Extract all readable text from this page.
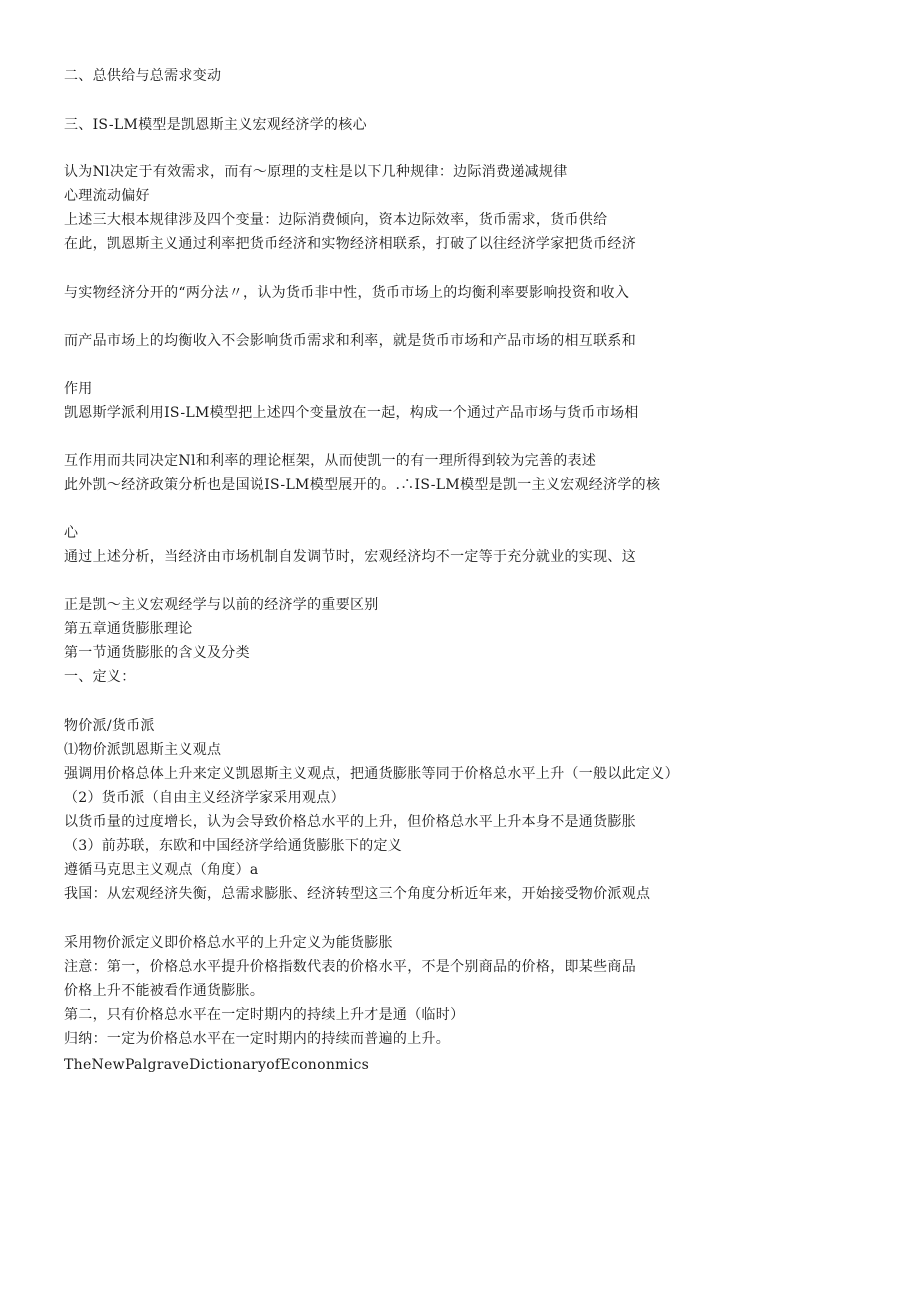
二、总供给与总需求变动
三、IS-LM模型是凯恩斯主义宏观经济学的核心
认为Nl决定于有效需求，而有〜原理的支柱是以下几种规律：边际消费递减规律
心理流动偏好
上述三大根本规律涉及四个变量：边际消费倾向，资本边际效率，货币需求，货币供给
在此，凯恩斯主义通过利率把货币经济和实物经济相联系，打破了以往经济学家把货币经济
与实物经济分开的“两分法〃，认为货币非中性，货币市场上的均衡利率要影响投资和收入
而产品市场上的均衡收入不会影响货币需求和利率，就是货币市场和产品市场的相互联系和
作用
凯恩斯学派利用IS-LM模型把上述四个变量放在一起，构成一个通过产品市场与货币市场相
互作用而共同决定Nl和利率的理论框架，从而使凯一的有一理所得到较为完善的表述
此外凯〜经济政策分析也是国说IS-LM模型展开的。.∴IS-LM模型是凯一主义宏观经济学的核
心
通过上述分析，当经济由市场机制自发调节时，宏观经济均不一定等于充分就业的实现、这
正是凯〜主义宏观经学与以前的经济学的重要区别
第五章通货膨胀理论
第一节通货膨胀的含义及分类
一、定义：
物价派/货币派
⑴物价派凯恩斯主义观点
强调用价格总体上升来定义凯恩斯主义观点，把通货膨胀等同于价格总水平上升（一般以此定义）
（2）货币派（自由主义经济学家采用观点）
以货币量的过度增长，认为会导致价格总水平的上升，但价格总水平上升本身不是通货膨胀
（3）前苏联，东欧和中国经济学给通货膨胀下的定义
遵循马克思主义观点（角度）a
我国：从宏观经济失衡，总需求膨胀、经济转型这三个角度分析近年来，开始接受物价派观点
采用物价派定义即价格总水平的上升定义为能货膨胀
注意：第一，价格总水平提升价格指数代表的价格水平，不是个别商品的价格，即某些商品
价格上升不能被看作通货膨胀。
第二，只有价格总水平在一定时期内的持续上升才是通（临时）
归纳：一定为价格总水平在一定时期内的持续而普遍的上升。
TheNewPalgraveDictionaryofEcononmics
